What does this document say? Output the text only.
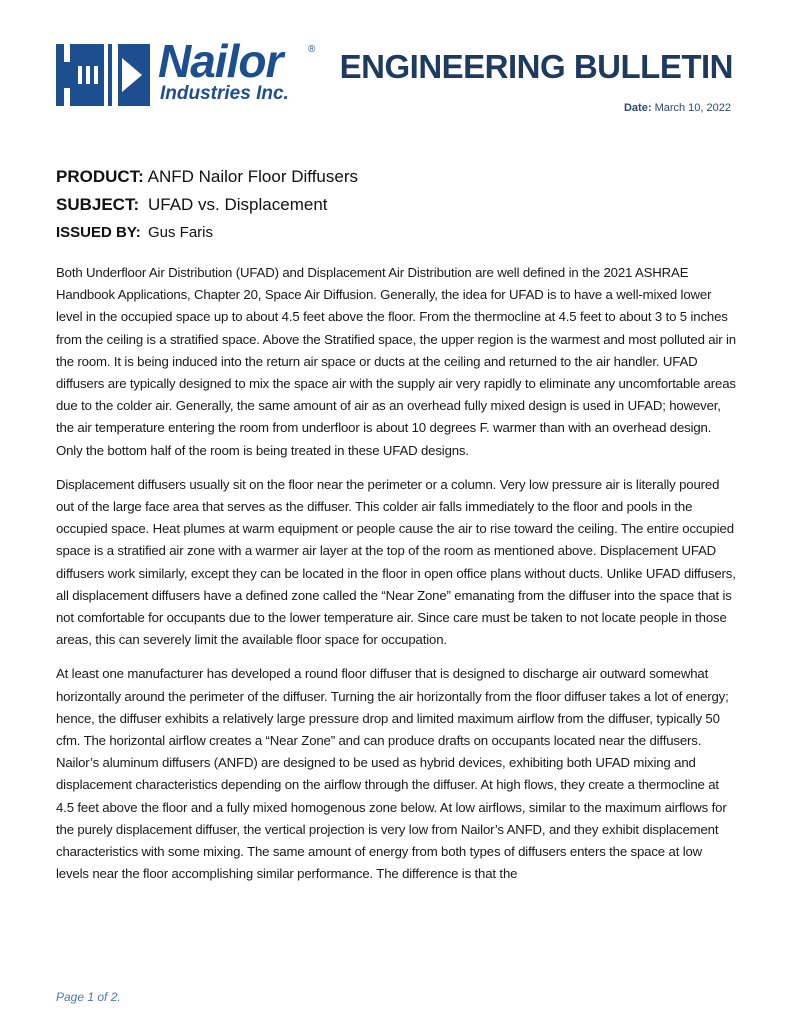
Nailor	®
Industries Inc.
ENGINEERING BULLETIN
Date: March 10, 2022
PRODUCT: ANFD Nailor Floor Diffusers
SUBJECT: UFAD vs. Displacement
ISSUED BY: Gus Faris

Both Underfloor Air Distribution (UFAD) and Displacement Air Distribution are well defined in the 2021 ASHRAE Handbook Applications, Chapter 20, Space Air Diffusion. Generally, the idea for UFAD is to have a well-mixed lower level in the occupied space up to about 4.5 feet above the floor. From the thermocline at 4.5 feet to about 3 to 5 inches from the ceiling is a stratified space. Above the Stratified space, the upper region is the warmest and most polluted air in the room. It is being induced into the return air space or ducts at the ceiling and returned to the air handler. UFAD diffusers are typically designed to mix the space air with the supply air very rapidly to eliminate any uncomfortable areas due to the colder air. Generally, the same amount of air as an overhead fully mixed design is used in UFAD; however, the air temperature entering the room from underfloor is about 10 degrees F. warmer than with an overhead design. Only the bottom half of the room is being treated in these UFAD designs.

Displacement diffusers usually sit on the floor near the perimeter or a column. Very low pressure air is literally poured out of the large face area that serves as the diffuser. This colder air falls immediately to the floor and pools in the occupied space. Heat plumes at warm equipment or people cause the air to rise toward the ceiling. The entire occupied space is a stratified air zone with a warmer air layer at the top of the room as mentioned above. Displacement UFAD diffusers work similarly, except they can be located in the floor in open office plans without ducts. Unlike UFAD diffusers, all displacement diffusers have a defined zone called the “Near Zone” emanating from the diffuser into the space that is not comfortable for occupants due to the lower temperature air. Since care must be taken to not locate people in those areas, this can severely limit the available floor space for occupation.

At least one manufacturer has developed a round floor diffuser that is designed to discharge air outward somewhat horizontally around the perimeter of the diffuser. Turning the air horizontally from the floor diffuser takes a lot of energy; hence, the diffuser exhibits a relatively large pressure drop and limited maximum airflow from the diffuser, typically 50 cfm. The horizontal airflow creates a “Near Zone” and can produce drafts on occupants located near the diffusers. Nailor’s aluminum diffusers (ANFD) are designed to be used as hybrid devices, exhibiting both UFAD mixing and displacement characteristics depending on the airflow through the diffuser. At high flows, they create a thermocline at 4.5 feet above the floor and a fully mixed homogenous zone below. At low airflows, similar to the maximum airflows for the purely displacement diffuser, the vertical projection is very low from Nailor’s ANFD, and they exhibit displacement characteristics with some mixing. The same amount of energy from both types of diffusers enters the space at low levels near the floor accomplishing similar performance. The difference is that the

Page 1 of 2.
